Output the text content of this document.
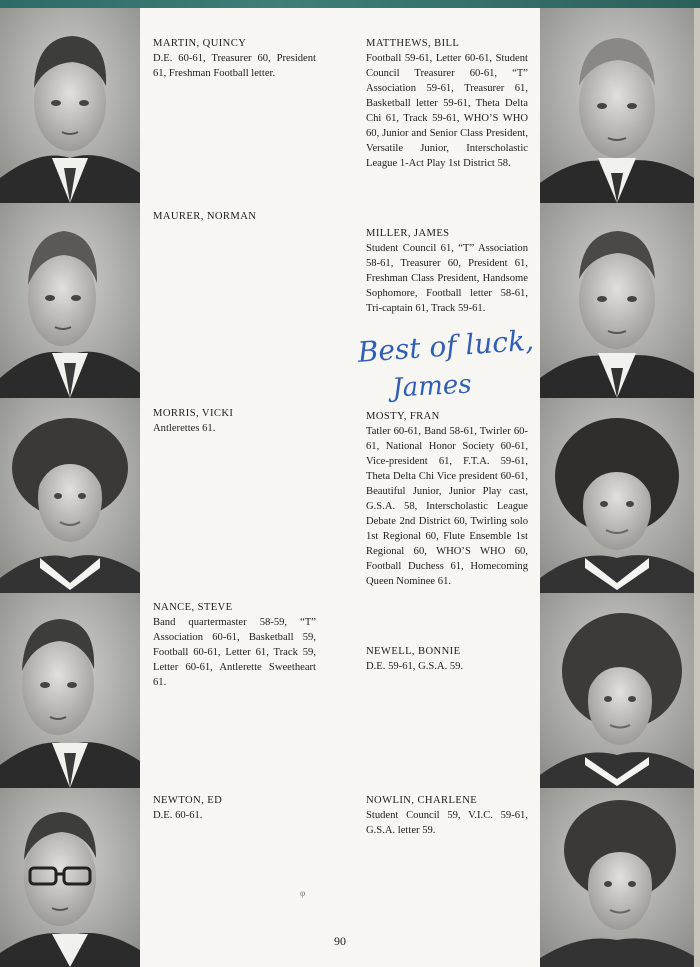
MARTIN, QUINCY
D.E. 60-61, Treasurer 60, President 61, Freshman Football letter.
MATTHEWS, BILL
Football 59-61, Letter 60-61, Student Council Treasurer 60-61, “T” Association 59-61, Treasurer 61, Basketball letter 59-61, Theta Delta Chi 61, Track 59-61, WHO’S WHO 60, Junior and Senior Class President, Versatile Junior, Interscholastic League 1-Act Play 1st District 58.
MAURER, NORMAN
MILLER, JAMES
Student Council 61, “T” Association 58-61, Treasurer 60, President 61, Freshman Class President, Handsome Sophomore, Football letter 58-61, Tri-captain 61, Track 59-61.
MORRIS, VICKI
Antlerettes 61.
MOSTY, FRAN
Tatler 60-61, Band 58-61, Twirler 60-61, National Honor Society 60-61, Vice-president 61, F.T.A. 59-61, Theta Delta Chi Vice president 60-61, Beautiful Junior, Junior Play cast, G.S.A. 58, Interscholastic League Debate 2nd District 60, Twirling solo 1st Regional 60, Flute Ensemble 1st Regional 60, WHO’S WHO 60, Football Duchess 61, Homecoming Queen Nominee 61.
NANCE, STEVE
Band quartermaster 58-59, “T” Association 60-61, Basketball 59, Football 60-61, Letter 61, Track 59, Letter 60-61, Antlerette Sweetheart 61.
NEWELL, BONNIE
D.E. 59-61, G.S.A. 59.
NEWTON, ED
D.E. 60-61.
NOWLIN, CHARLENE
Student Council 59, V.I.C. 59-61, G.S.A. letter 59.
Best of luck,
James
φ
90
